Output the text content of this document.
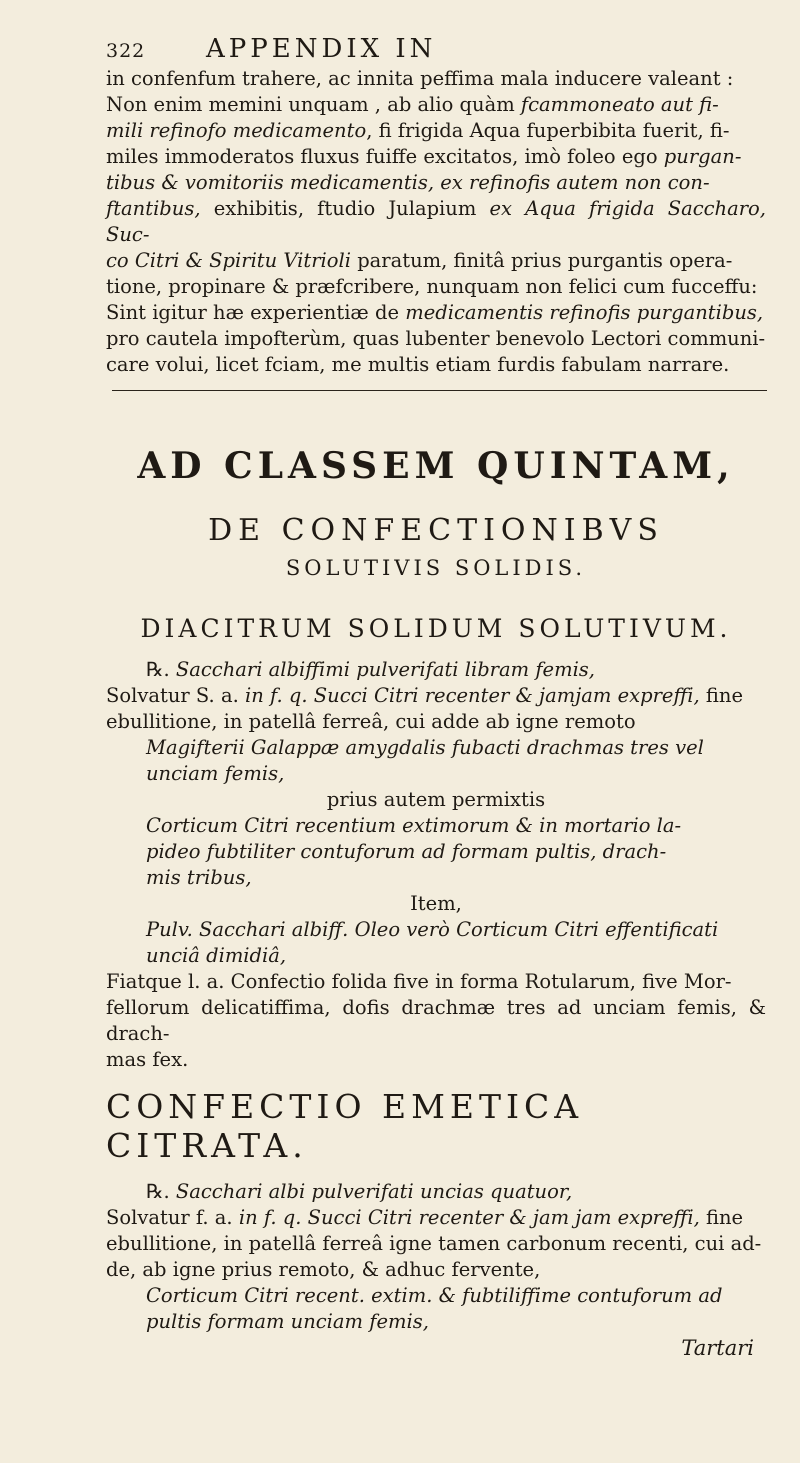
322	APPENDIX IN

in confenfum trahere, ac innita peffima mala inducere valeant :

Non enim memini unquam , ab alio quàm fcammoneato aut fi-

mili refinofo medicamento, fi frigida Aqua fuperbibita fuerit, fi-

miles immoderatos fluxus fuiffe excitatos, imò foleo ego purgan-

tibus & vomitoriis medicamentis, ex refinofis autem non con-

ftantibus, exhibitis, ftudio Julapium ex Aqua frigida Saccharo, Suc-

co Citri & Spiritu Vitrioli paratum, finitâ prius purgantis opera-

tione, propinare & præfcribere, nunquam non felici cum fucceffu:

Sint igitur hæ experientiæ de medicamentis refinofis purgantibus,

pro cautela impofterùm, quas lubenter benevolo Lectori communi-

care volui, licet fciam, me multis etiam furdis fabulam narrare.

AD CLASSEM QUINTAM,
DE CONFECTIONIBVS
SOLUTIVIS SOLIDIS.
DIACITRUM SOLIDUM SOLUTIVUM.

℞. Sacchari albiffimi pulverifati libram femis,

Solvatur S. a. in f. q. Succi Citri recenter & jamjam expreffi, fine

ebullitione, in patellâ ferreâ, cui adde ab igne remoto

Magifterii Galappæ amygdalis fubacti drachmas tres vel

unciam femis,

prius autem permixtis

Corticum Citri recentium extimorum & in mortario la-

pideo fubtiliter contuforum ad formam pultis, drach-

mis tribus,

Item,

Pulv. Sacchari albiff. Oleo verò Corticum Citri effentificati

unciâ dimidiâ,

Fiatque l. a. Confectio folida five in forma Rotularum, five Mor-

fellorum delicatiffima, dofis drachmæ tres ad unciam femis, & drach-

mas fex.

CONFECTIO EMETICA CITRATA.

℞. Sacchari albi pulverifati uncias quatuor,

Solvatur f. a. in f. q. Succi Citri recenter & jam jam expreffi, fine

ebullitione, in patellâ ferreâ igne tamen carbonum recenti, cui ad-

de, ab igne prius remoto, & adhuc fervente,

Corticum Citri recent. extim. & fubtiliffime contuforum ad

pultis formam unciam femis,

Tartari
